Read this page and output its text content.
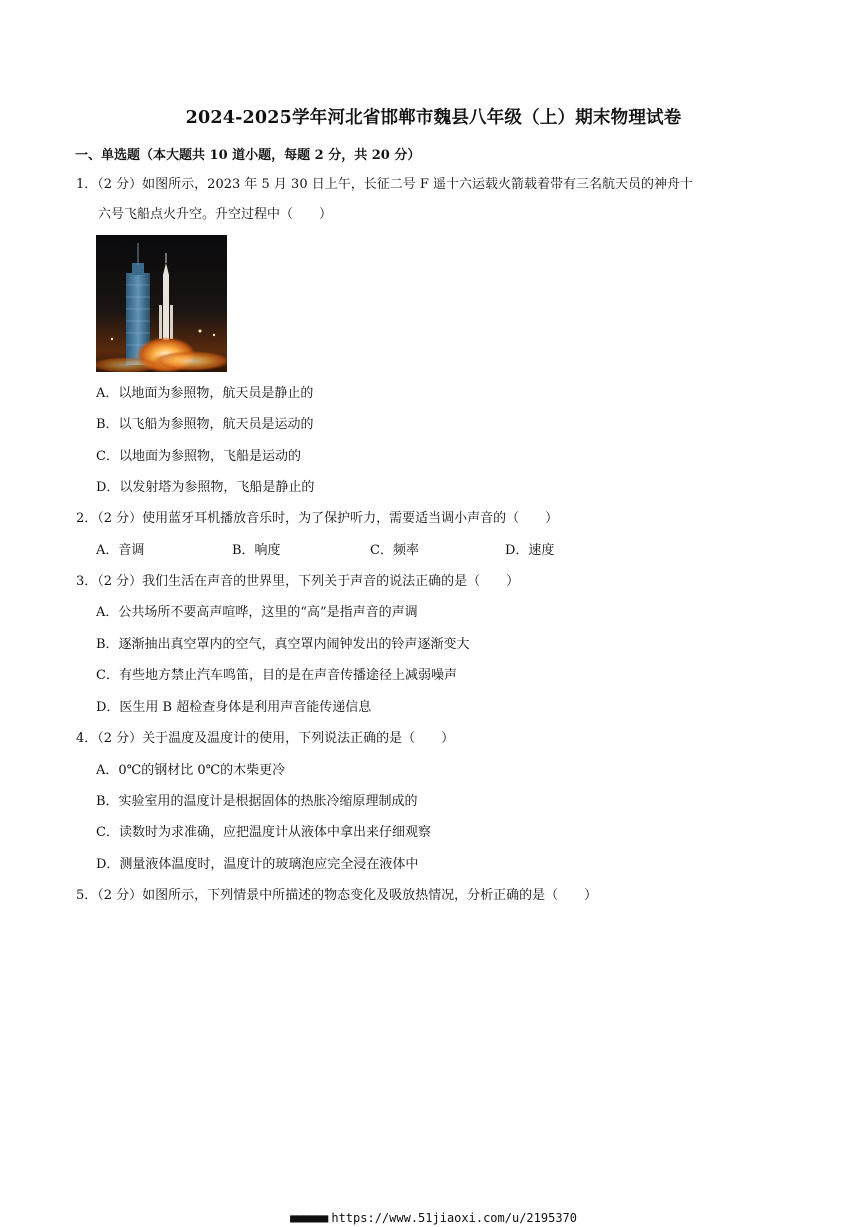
2024-2025学年河北省邯郸市魏县八年级（上）期末物理试卷
一、单选题（本大题共 10 道小题，每题 2 分，共 20 分）
1．（2 分）如图所示，2023 年 5 月 30 日上午，长征二号 F 遥十六运载火箭载着带有三名航天员的神舟十
六号飞船点火升空。升空过程中（　　）
A．以地面为参照物，航天员是静止的
B．以飞船为参照物，航天员是运动的
C．以地面为参照物，飞船是运动的
D．以发射塔为参照物，飞船是静止的
2．（2 分）使用蓝牙耳机播放音乐时，为了保护听力，需要适当调小声音的（　　）
A．音调	B．响度	C．频率	D．速度
3．（2 分）我们生活在声音的世界里，下列关于声音的说法正确的是（　　）
A．公共场所不要高声喧哗，这里的“高”是指声音的声调
B．逐渐抽出真空罩内的空气，真空罩内闹钟发出的铃声逐渐变大
C．有些地方禁止汽车鸣笛，目的是在声音传播途径上减弱噪声
D．医生用 B 超检查身体是利用声音能传递信息
4．（2 分）关于温度及温度计的使用，下列说法正确的是（　　）
A．0℃的钢材比 0℃的木柴更冷
B．实验室用的温度计是根据固体的热胀冷缩原理制成的
C．读数时为求准确，应把温度计从液体中拿出来仔细观察
D．测量液体温度时，温度计的玻璃泡应完全浸在液体中
5．（2 分）如图所示，下列情景中所描述的物态变化及吸放热情况，分析正确的是（　　）
■■■■■■ https://www.51jiaoxi.com/u/2195370
